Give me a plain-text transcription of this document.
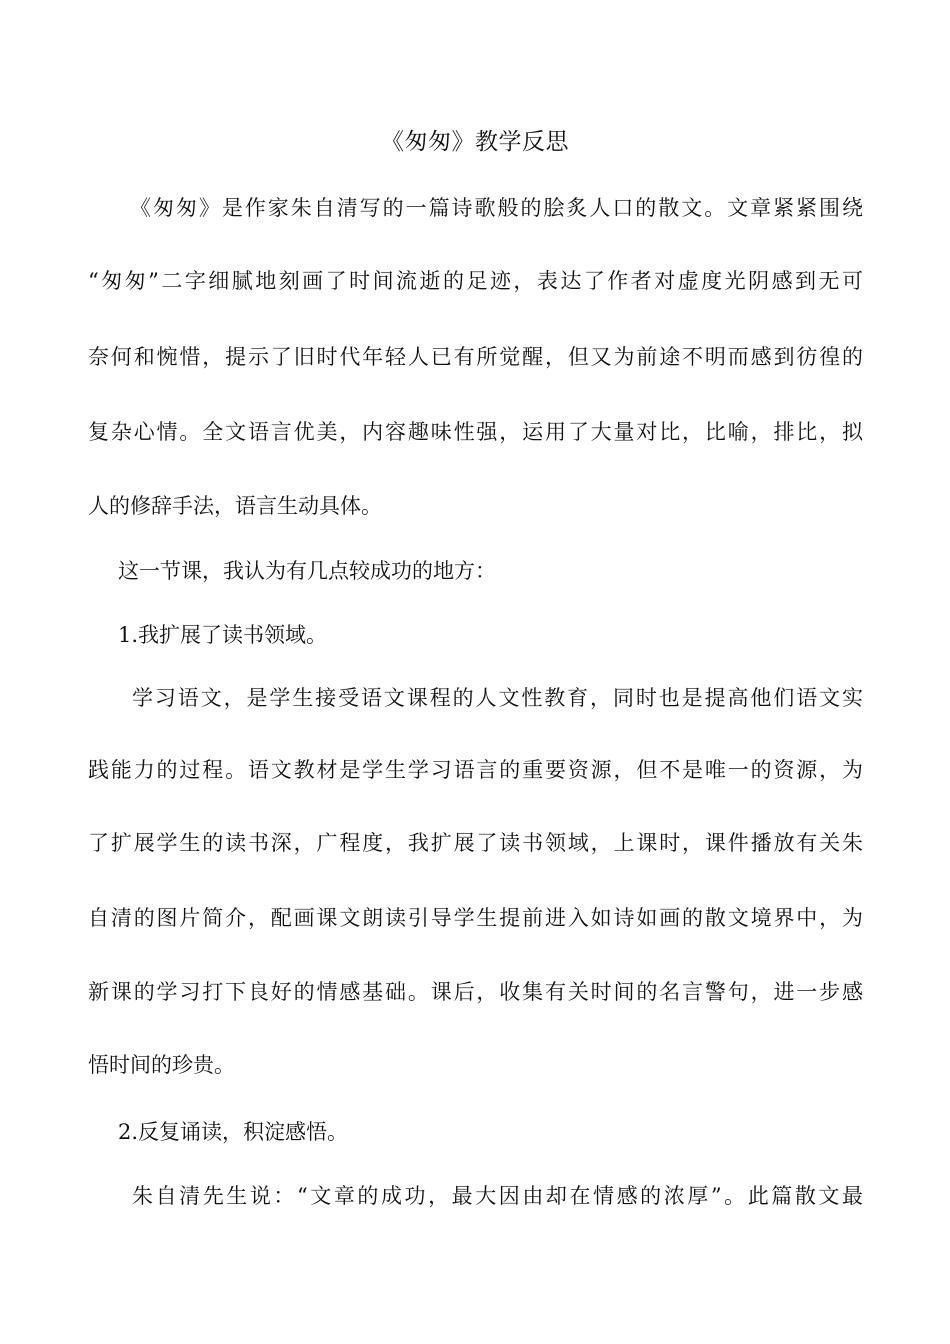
《匆匆》教学反思
《匆匆》是作家朱自清写的一篇诗歌般的脍炙人口的散文。文章紧紧围绕
“匆匆”二字细腻地刻画了时间流逝的足迹，表达了作者对虚度光阴感到无可
奈何和惋惜，提示了旧时代年轻人已有所觉醒，但又为前途不明而感到彷徨的
复杂心情。全文语言优美，内容趣味性强，运用了大量对比，比喻，排比，拟
人的修辞手法，语言生动具体。
这一节课，我认为有几点较成功的地方：
1.我扩展了读书领域。
学习语文，是学生接受语文课程的人文性教育，同时也是提高他们语文实
践能力的过程。语文教材是学生学习语言的重要资源，但不是唯一的资源，为
了扩展学生的读书深，广程度，我扩展了读书领域，上课时，课件播放有关朱
自清的图片简介，配画课文朗读引导学生提前进入如诗如画的散文境界中，为
新课的学习打下良好的情感基础。课后，收集有关时间的名言警句，进一步感
悟时间的珍贵。
2.反复诵读，积淀感悟。
朱自清先生说：“文章的成功，最大因由却在情感的浓厚”。此篇散文最
